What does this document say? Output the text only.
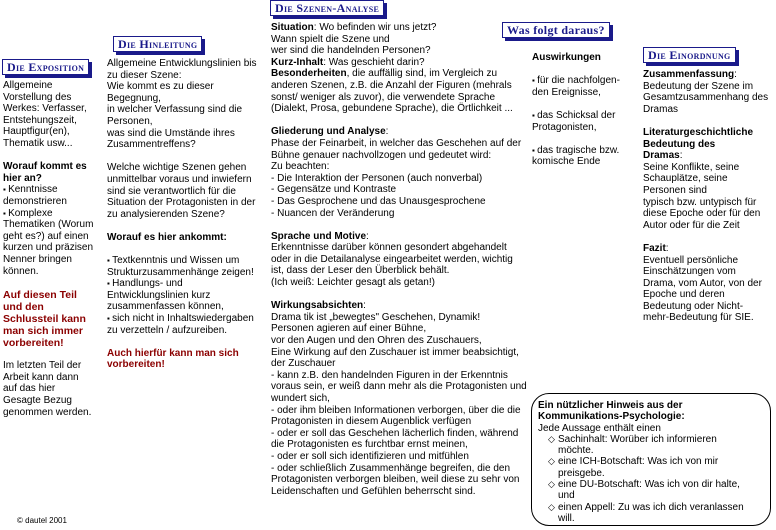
Die Exposition
Die Hinleitung
Die Szenen-Analyse
Was folgt daraus?
Die Einordnung

Allgemeine
Vorstellung des
Werkes: Verfasser,
Entstehungszeit,
Hauptfigur(en),
Thematik usw...

Worauf kommt es
hier an?

▪ Kenntnisse
demonstrieren

▪ Komplexe
Thematiken (Worum
geht es?) auf einen
kurzen und präzisen
Nenner bringen
können.

Auf diesen Teil
und den
Schlussteil kann
man sich immer
vorbereiten!

Im letzten Teil der
Arbeit kann dann
auf das hier
Gesagte Bezug
genommen werden.

Allgemeine Entwicklungslinien bis
zu dieser Szene:
Wie kommt es zu dieser
Begegnung,
in welcher Verfassung sind die
Personen,
was sind die Umstände ihres
Zusammentreffens?

Welche wichtige Szenen gehen
unmittelbar voraus und inwiefern
sind sie verantwortlich für die
Situation der Protagonisten in der
zu analysierenden Szene?

Worauf es hier ankommt:

▪ Textkenntnis und Wissen um
Strukturzusammenhänge zeigen!

▪ Handlungs- und
Entwicklungslinien kurz
zusammenfassen können,

▪ sich nicht in Inhaltswiedergaben
zu verzetteln / aufzureiben.

Auch hierfür kann man sich
vorbereiten!

Situation: Wo befinden wir uns jetzt?
Wann spielt die Szene und
wer sind die handelnden Personen?

Kurz-Inhalt: Was geschieht darin?

Besonderheiten, die auffällig sind, im Vergleich zu
anderen Szenen, z.B. die Anzahl der Figuren (mehrals
sonst/ weniger als zuvor), die verwendete Sprache
(Dialekt, Prosa, gebundene Sprache), die Örtlichkeit ...

Gliederung und Analyse:
Phase der Feinarbeit, in welcher das Geschehen auf der
Bühne genauer nachvollzogen und gedeutet wird:
Zu beachten:
- Die Interaktion der Personen (auch nonverbal)
- Gegensätze und Kontraste
- Das Gesprochene und das Unausgesprochene
- Nuancen der Veränderung

Sprache und Motive:
Erkenntnisse darüber können gesondert abgehandelt
oder in die Detailanalyse eingearbeitet werden, wichtig
ist, dass der Leser den Überblick behält.
(Ich weiß: Leichter gesagt als getan!)

Wirkungsabsichten:
Drama tik ist „bewegtes" Geschehen, Dynamik!
Personen agieren auf einer Bühne,
vor den Augen und den Ohren des Zuschauers,
Eine Wirkung auf den Zuschauer ist immer beabsichtigt,
der Zuschauer
- kann z.B. den handelnden Figuren in der Erkenntnis
voraus sein, er weiß dann mehr als die Protagonisten und
wundert sich,
- oder ihm bleiben Informationen verborgen, über die die
Protagonisten in diesem Augenblick verfügen
- oder er soll das Geschehen lächerlich finden, während
die Protagonisten es furchtbar ernst meinen,
- oder er soll sich identifizieren und mitfühlen
- oder schließlich Zusammenhänge begreifen, die den
Protagonisten verborgen bleiben, weil diese zu sehr von
Leidenschaften und Gefühlen beherrscht sind.

Auswirkungen

▪ für die nachfolgen-
den Ereignisse,

▪ das Schicksal der
Protagonisten,

▪ das tragische bzw.
komische Ende

Zusammenfassung:
Bedeutung der Szene im
Gesamtzusammenhang des
Dramas

Literaturgeschichtliche
Bedeutung des
Dramas:
Seine Konflikte, seine
Schauplätze, seine
Personen sind
typisch bzw. untypisch für
diese Epoche oder für den
Autor oder für die Zeit

Fazit:
Eventuell persönliche
Einschätzungen vom
Drama, vom Autor, von der
Epoche und deren
Bedeutung oder Nicht-
mehr-Bedeutung für SIE.

Ein nützlicher Hinweis aus der
Kommunikations-Psychologie:

Jede Aussage enthält einen

◇ Sachinhalt: Worüber ich informieren
möchte.
◇ eine ICH-Botschaft: Was ich von mir
preisgebe.
◇ eine DU-Botschaft: Was ich von dir halte,
und
◇ einen Appell: Zu was ich dich veranlassen
will.
© dautel 2001
